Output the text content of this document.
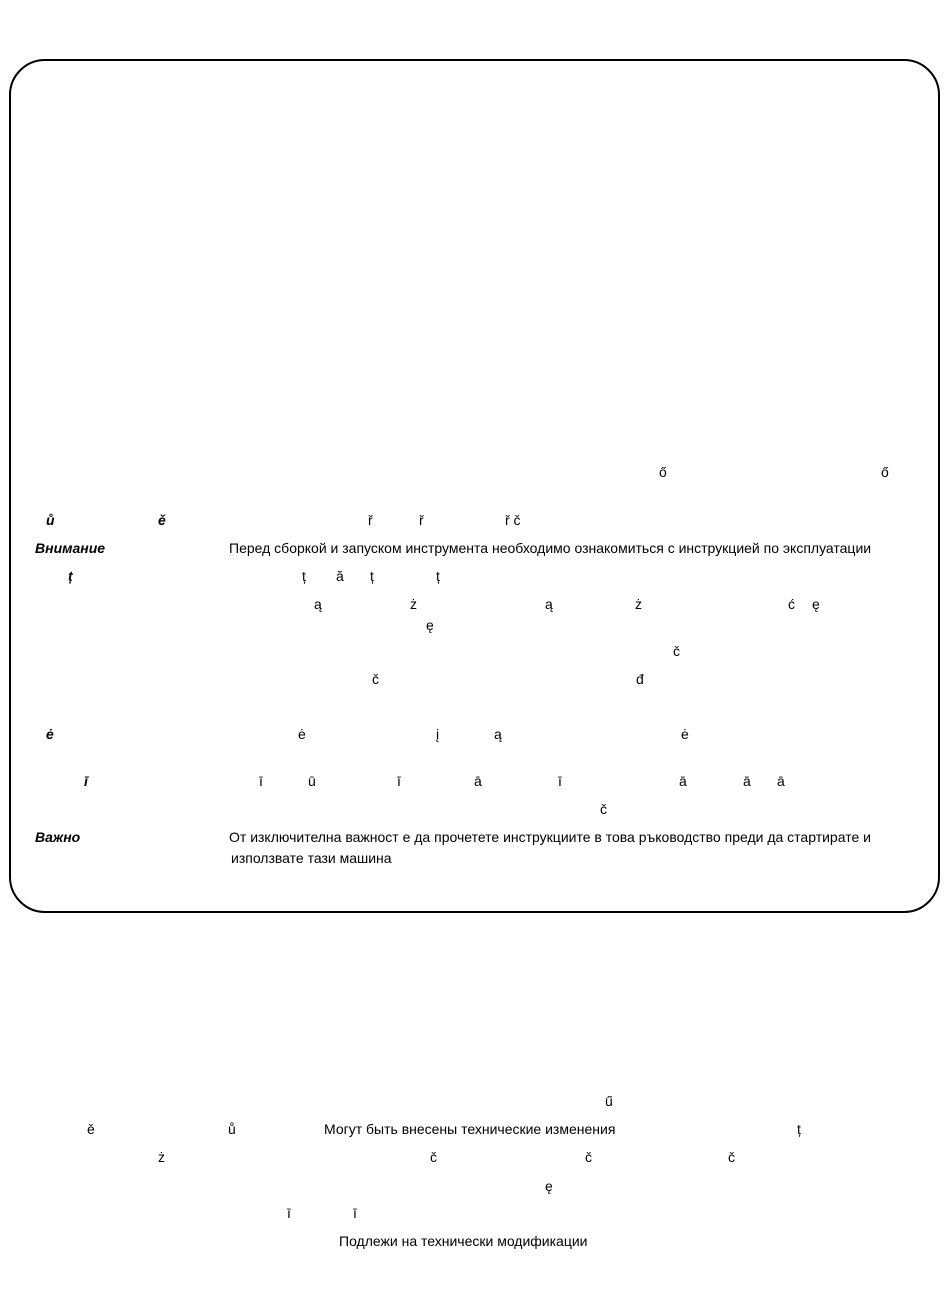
ő	ő
ů	ě	ř	ř	ř č
Внимание	Перед сборкой и запуском инструмента необходимо ознакомиться с инструкцией по эксплуатации
ț	ț ă ț	ț
ą	ż	ą	ż	ć ę
ę
č
č	đ
ė	ė	į	ą	ė
ī	ī	ū	ī	ā	ī	ā	ā ā
č
Важно	От изключителна важност е да прочетете инструкциите в това ръководство преди да стартирате и
използвате тази машина
ű
ě	ů	Могут быть внесены технические изменения	ț
ż	č	č	č
ę
ī	ī
Подлежи на технически модификации
